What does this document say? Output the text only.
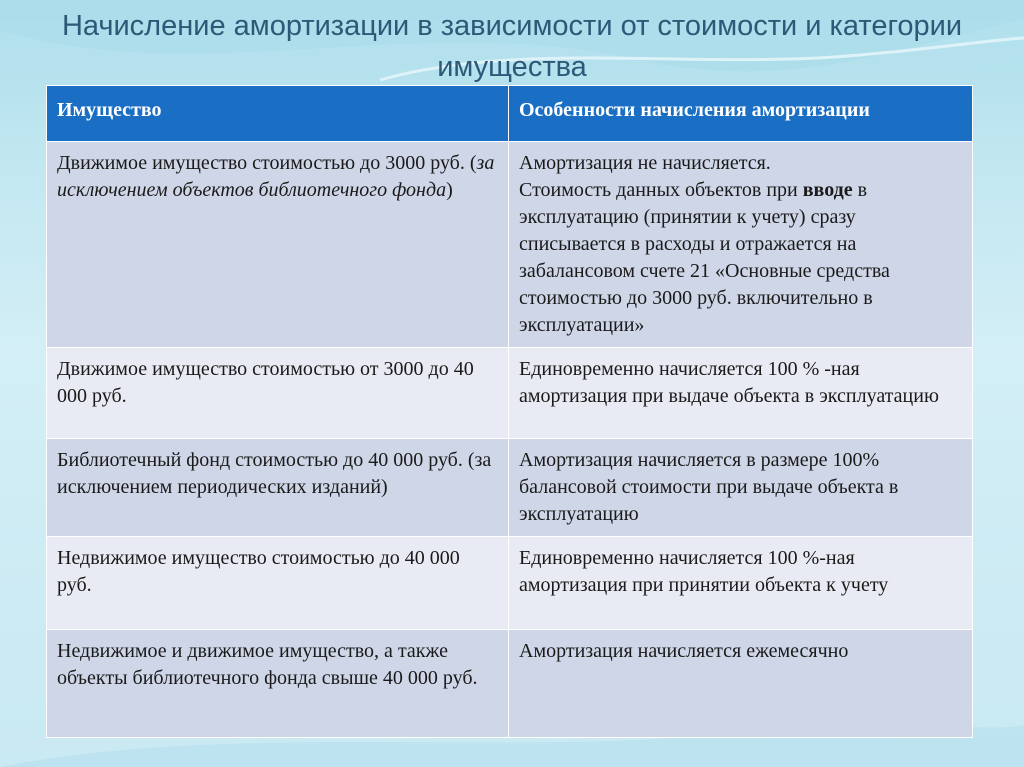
Начисление амортизации в зависимости от стоимости и категории имущества
Имущество	Особенности начисления амортизации
Движимое имущество стоимостью до 3000 руб. (за исключением объектов библиотечного фонда)	Амортизация не начисляется.
Стоимость данных объектов при вводе в эксплуатацию (принятии к учету) сразу списывается в расходы и отражается на забалансовом счете 21 «Основные средства стоимостью до 3000 руб. включительно в эксплуатации»
Движимое имущество стоимостью от 3000 до 40 000 руб.	Единовременно начисляется 100 % -ная амортизация при выдаче объекта в эксплуатацию
Библиотечный фонд стоимостью до 40 000 руб. (за исключением периодических изданий)	Амортизация начисляется в размере 100% балансовой стоимости при выдаче объекта в эксплуатацию
Недвижимое имущество стоимостью до 40 000 руб.	Единовременно начисляется 100 %-ная амортизация при принятии объекта к учету
Недвижимое и движимое имущество, а также объекты библиотечного фонда свыше 40 000 руб.	Амортизация начисляется ежемесячно
